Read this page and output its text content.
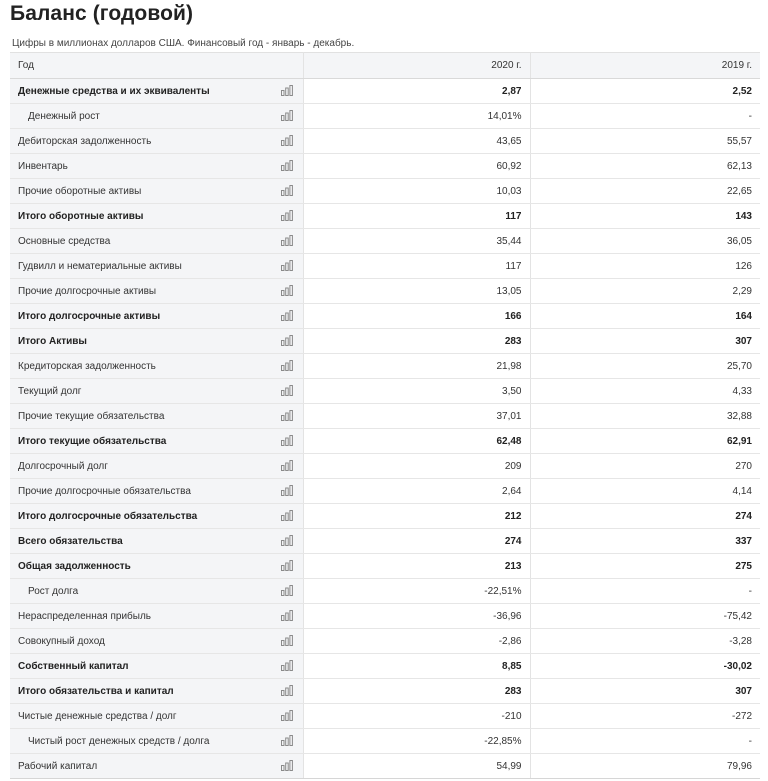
Баланс (годовой)
Цифры в миллионах долларов США. Финансовый год - январь - декабрь.
Год	2020 г.	2019 г.
Денежные средства и их эквиваленты	2,87	2,52
Денежный рост	14,01%	-
Дебиторская задолженность	43,65	55,57
Инвентарь	60,92	62,13
Прочие оборотные активы	10,03	22,65
Итого оборотные активы	117	143
Основные средства	35,44	36,05
Гудвилл и нематериальные активы	117	126
Прочие долгосрочные активы	13,05	2,29
Итого долгосрочные активы	166	164
Итого Активы	283	307
Кредиторская задолженность	21,98	25,70
Текущий долг	3,50	4,33
Прочие текущие обязательства	37,01	32,88
Итого текущие обязательства	62,48	62,91
Долгосрочный долг	209	270
Прочие долгосрочные обязательства	2,64	4,14
Итого долгосрочные обязательства	212	274
Всего обязательства	274	337
Общая задолженность	213	275
Рост долга	-22,51%	-
Нераспределенная прибыль	-36,96	-75,42
Совокупный доход	-2,86	-3,28
Собственный капитал	8,85	-30,02
Итого обязательства и капитал	283	307
Чистые денежные средства / долг	-210	-272
Чистый рост денежных средств / долга	-22,85%	-
Рабочий капитал	54,99	79,96
